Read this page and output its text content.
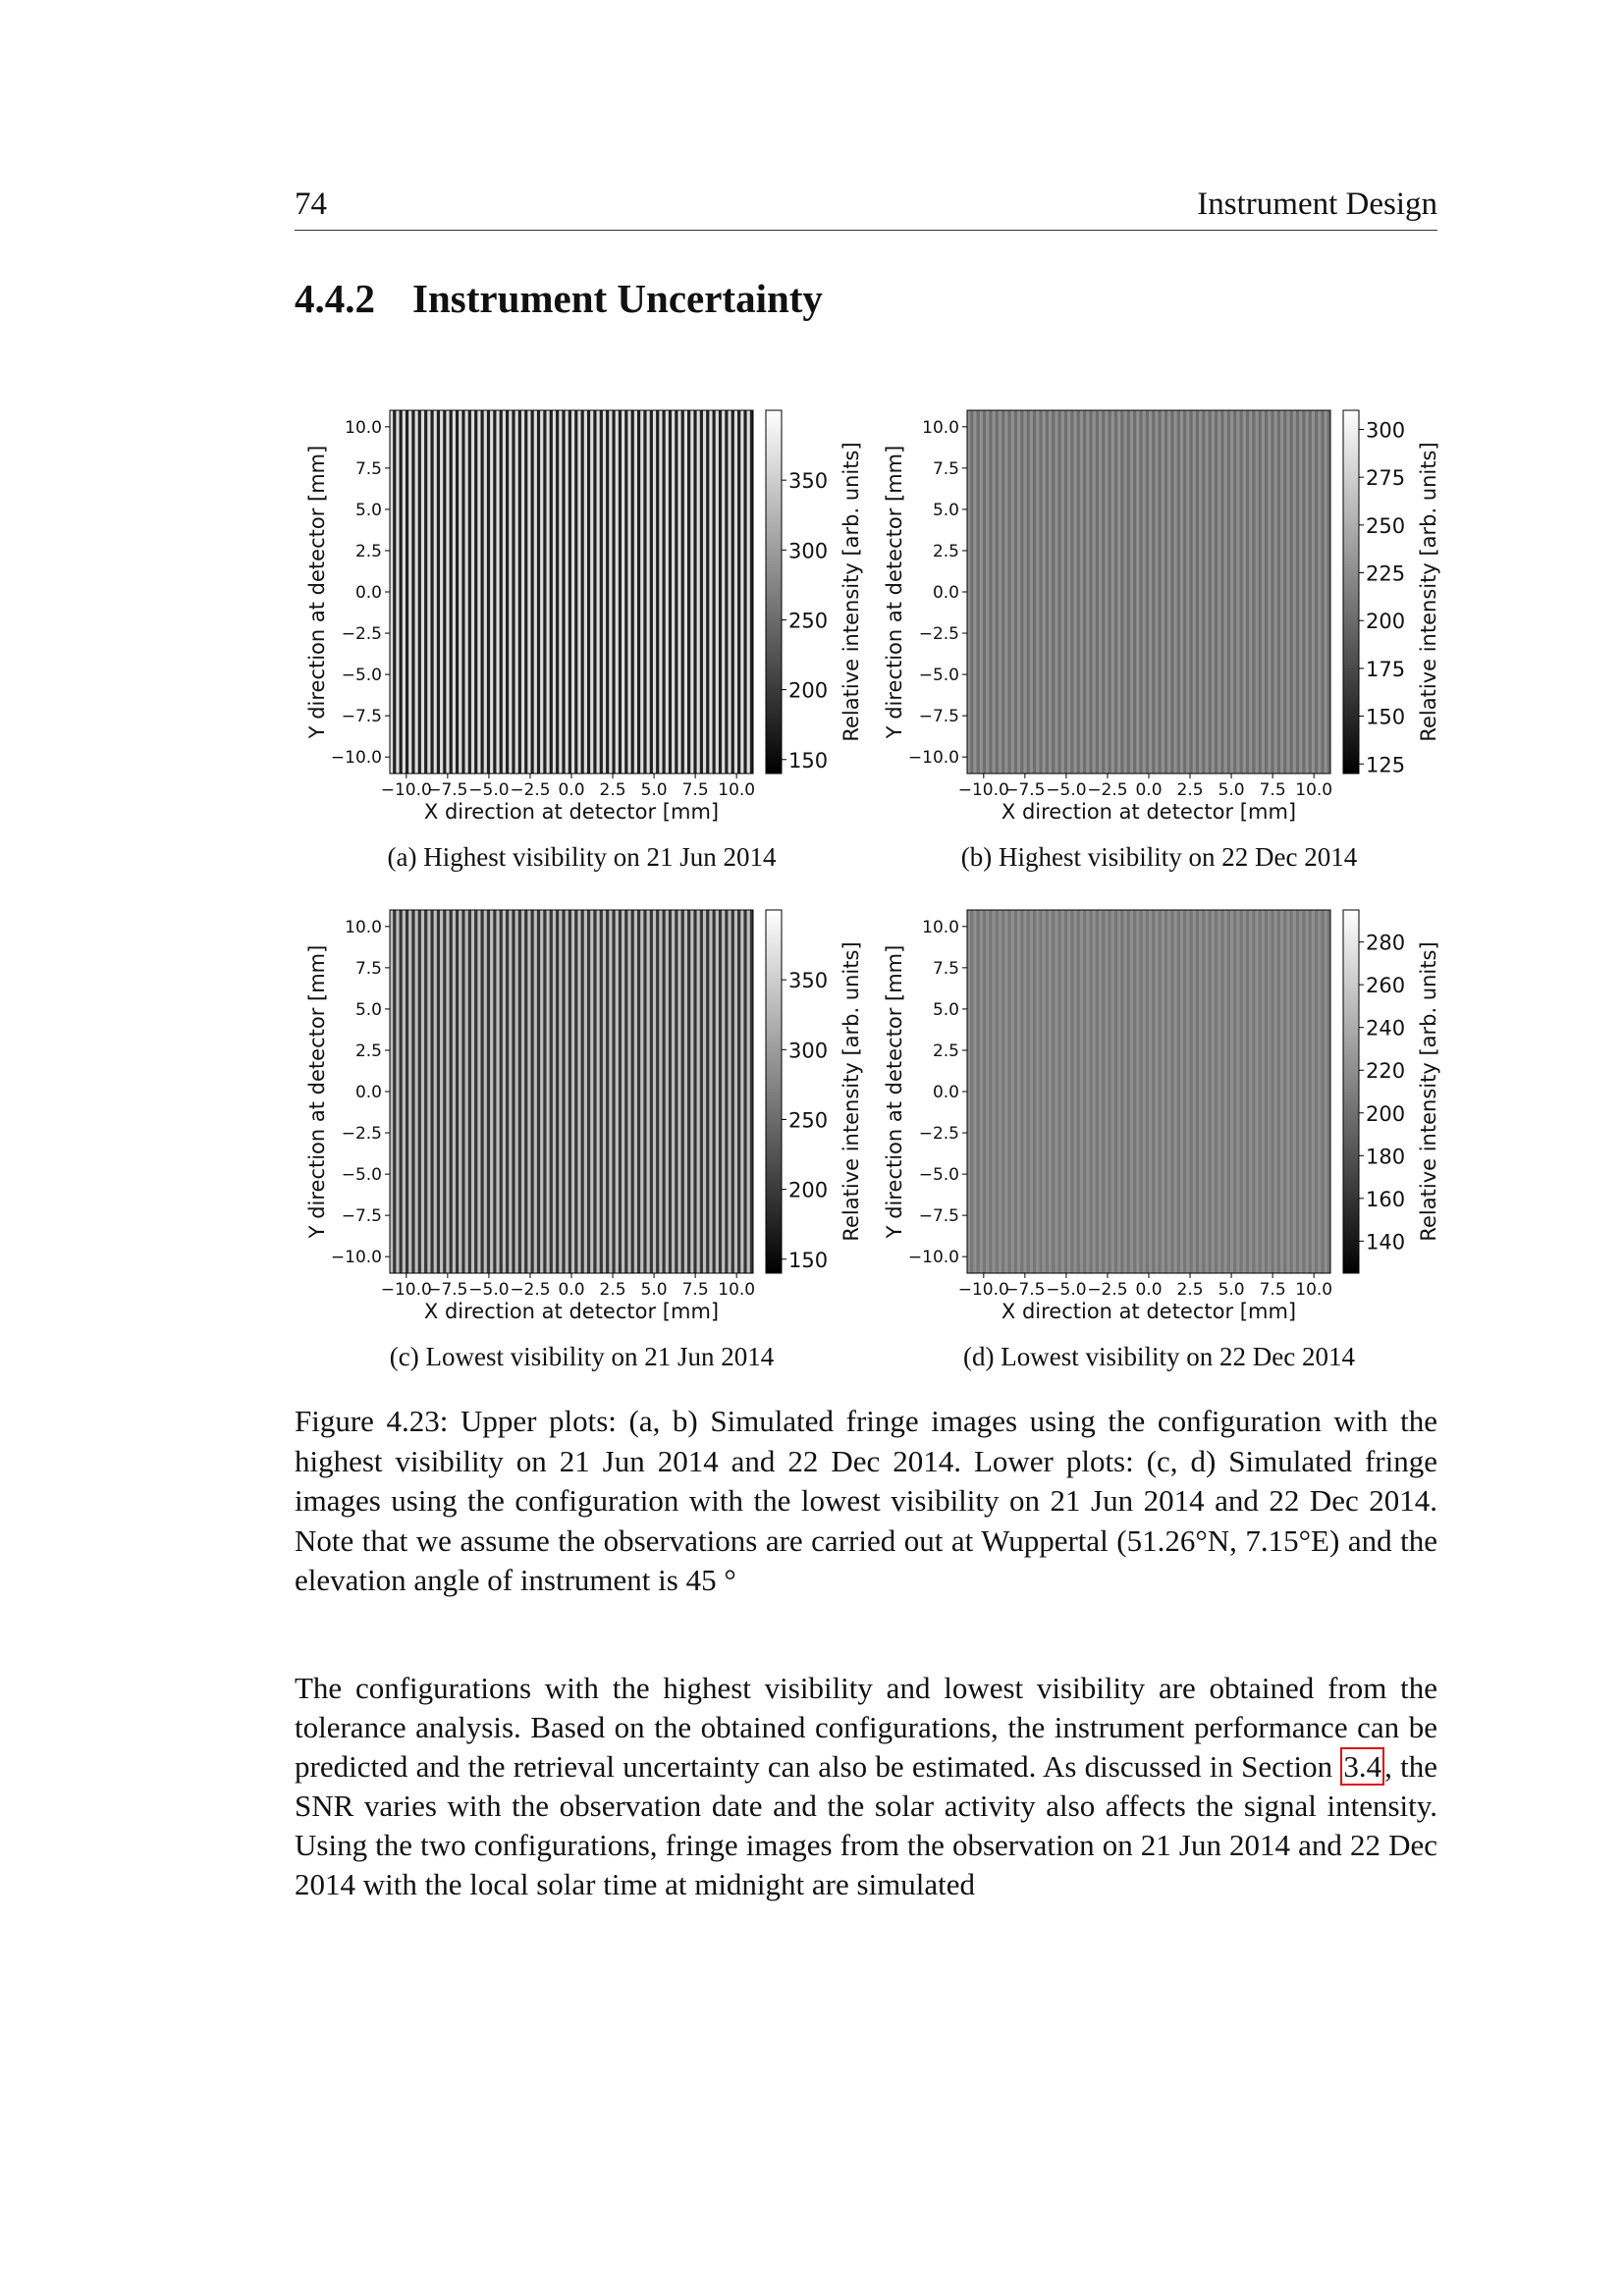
74	Instrument Design
4.4.2 Instrument Uncertainty
−10.0
−7.5 −5.0 −2.5 0.0 2.5 5.0 7.5 10.0
10.0
7.5
5.0
2.5
0.0
−2.5
−5.0
−7.5
−10.0
X direction at detector [mm]
Y direction at detector [mm]	350
300
250
200
150
Relative intensity [arb. units]
(a) Highest visibility on 21 Jun 2014
−10.0
−7.5 −5.0 −2.5 0.0 2.5 5.0 7.5 10.0
10.0
7.5
5.0
2.5
0.0
−2.5
−5.0
−7.5
−10.0
X direction at detector [mm]
Y direction at detector [mm]
300
275
250
225
200
175
150
125
Relative intensity [arb. units]
(b) Highest visibility on 22 Dec 2014
−10.0
−7.5 −5.0 −2.5 0.0 2.5 5.0 7.5 10.0
10.0
7.5
5.0
2.5
0.0
−2.5
−5.0
−7.5
−10.0
X direction at detector [mm]
Y direction at detector [mm]	350
300
250
200
150
Relative intensity [arb. units]
(c) Lowest visibility on 21 Jun 2014
−10.0
−7.5 −5.0 −2.5 0.0 2.5 5.0 7.5 10.0
10.0
7.5
5.0
2.5
0.0
−2.5
−5.0
−7.5
−10.0
X direction at detector [mm]
Y direction at detector [mm]
280
260
240
220
200
180
160
140
Relative intensity [arb. units]
(d) Lowest visibility on 22 Dec 2014
Figure 4.23: Upper plots: (a, b) Simulated fringe images using the configuration with the highest visibility on 21 Jun 2014 and 22 Dec 2014. Lower plots: (c, d) Simulated fringe images using the configuration with the lowest visibility on 21 Jun 2014 and 22 Dec 2014. Note that we assume the observations are carried out at Wuppertal (51.26°N, 7.15°E) and the elevation angle of instrument is 45 °
The configurations with the highest visibility and lowest visibility are obtained from the tolerance analysis. Based on the obtained configurations, the instrument performance can be predicted and the retrieval uncertainty can also be estimated. As discussed in Section 3.4, the SNR varies with the observation date and the solar activity also affects the signal intensity. Using the two configurations, fringe images from the observation on 21 Jun 2014 and 22 Dec 2014 with the local solar time at midnight are simulated
